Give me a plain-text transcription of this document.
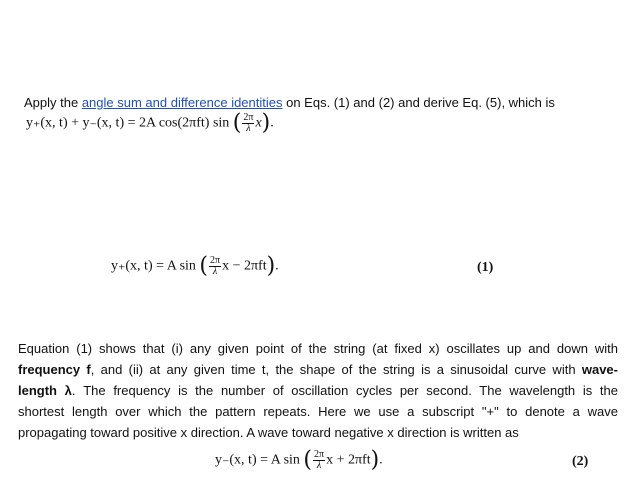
Apply the angle sum and difference identities on Eqs. (1) and (2) and derive Eq. (5), which is
y₊(x, t) + y₋(x, t) = 2A cos(2πft) sin ( $\frac{2\pi}{\lambda} x$).
y₊(x, t) = A sin ( $\frac{2\pi}{\lambda}$ x − 2πft).	(1)
Equation (1) shows that (i) any given point of the string (at fixed x) oscillates up and down with
frequency f, and (ii) at any given time t, the shape of the string is a sinusoidal curve with wave-
length λ. The frequency is the number of oscillation cycles per second. The wavelength is the
shortest length over which the pattern repeats. Here we use a subscript "+" to denote a wave
propagating toward positive x direction. A wave toward negative x direction is written as
y₋(x, t) = A sin ( $\frac{2\pi}{\lambda}$ x + 2πft).	(2)
